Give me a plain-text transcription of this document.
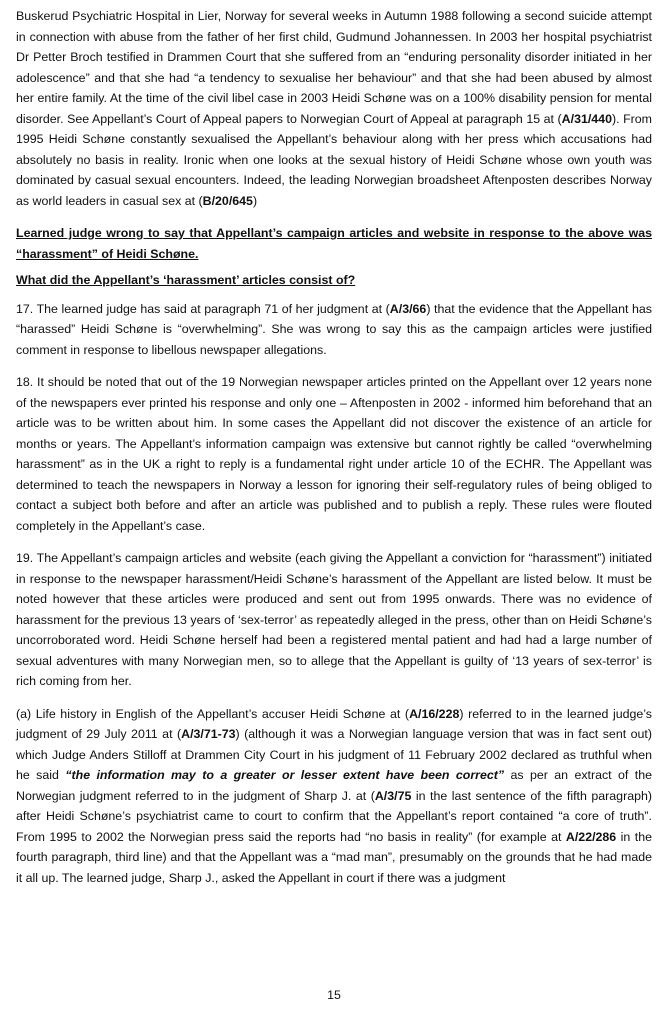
Buskerud Psychiatric Hospital in Lier, Norway for several weeks in Autumn 1988 following a second suicide attempt in connection with abuse from the father of her first child, Gudmund Johannessen. In 2003 her hospital psychiatrist Dr Petter Broch testified in Drammen Court that she suffered from an “enduring personality disorder initiated in her adolescence” and that she had “a tendency to sexualise her behaviour” and that she had been abused by almost her entire family. At the time of the civil libel case in 2003 Heidi Schøne was on a 100% disability pension for mental disorder. See Appellant’s Court of Appeal papers to Norwegian Court of Appeal at paragraph 15 at (A/31/440). From 1995 Heidi Schøne constantly sexualised the Appellant’s behaviour along with her press which accusations had absolutely no basis in reality. Ironic when one looks at the sexual history of Heidi Schøne whose own youth was dominated by casual sexual encounters. Indeed, the leading Norwegian broadsheet Aftenposten describes Norway as world leaders in casual sex at (B/20/645)

Learned judge wrong to say that Appellant’s campaign articles and website in response to the above was “harassment” of Heidi Schøne.

What did the Appellant’s ‘harassment’ articles consist of?

17. The learned judge has said at paragraph 71 of her judgment at (A/3/66) that the evidence that the Appellant has “harassed” Heidi Schøne is “overwhelming”. She was wrong to say this as the campaign articles were justified comment in response to libellous newspaper allegations.

18. It should be noted that out of the 19 Norwegian newspaper articles printed on the Appellant over 12 years none of the newspapers ever printed his response and only one – Aftenposten in 2002 - informed him beforehand that an article was to be written about him. In some cases the Appellant did not discover the existence of an article for months or years. The Appellant’s information campaign was extensive but cannot rightly be called “overwhelming harassment” as in the UK a right to reply is a fundamental right under article 10 of the ECHR. The Appellant was determined to teach the newspapers in Norway a lesson for ignoring their self-regulatory rules of being obliged to contact a subject both before and after an article was published and to publish a reply. These rules were flouted completely in the Appellant’s case.

19. The Appellant’s campaign articles and website (each giving the Appellant a conviction for “harassment”) initiated in response to the newspaper harassment/Heidi Schøne’s harassment of the Appellant are listed below. It must be noted however that these articles were produced and sent out from 1995 onwards. There was no evidence of harassment for the previous 13 years of ‘sex-terror’ as repeatedly alleged in the press, other than on Heidi Schøne’s uncorroborated word. Heidi Schøne herself had been a registered mental patient and had had a large number of sexual adventures with many Norwegian men, so to allege that the Appellant is guilty of ‘13 years of sex-terror’ is rich coming from her.

(a) Life history in English of the Appellant’s accuser Heidi Schøne at (A/16/228) referred to in the learned judge’s judgment of 29 July 2011 at (A/3/71-73) (although it was a Norwegian language version that was in fact sent out) which Judge Anders Stilloff at Drammen City Court in his judgment of 11 February 2002 declared as truthful when he said “the information may to a greater or lesser extent have been correct” as per an extract of the Norwegian judgment referred to in the judgment of Sharp J. at (A/3/75 in the last sentence of the fifth paragraph) after Heidi Schøne’s psychiatrist came to court to confirm that the Appellant’s report contained “a core of truth”. From 1995 to 2002 the Norwegian press said the reports had “no basis in reality” (for example at A/22/286 in the fourth paragraph, third line) and that the Appellant was a “mad man”, presumably on the grounds that he had made it all up. The learned judge, Sharp J., asked the Appellant in court if there was a judgment

15
